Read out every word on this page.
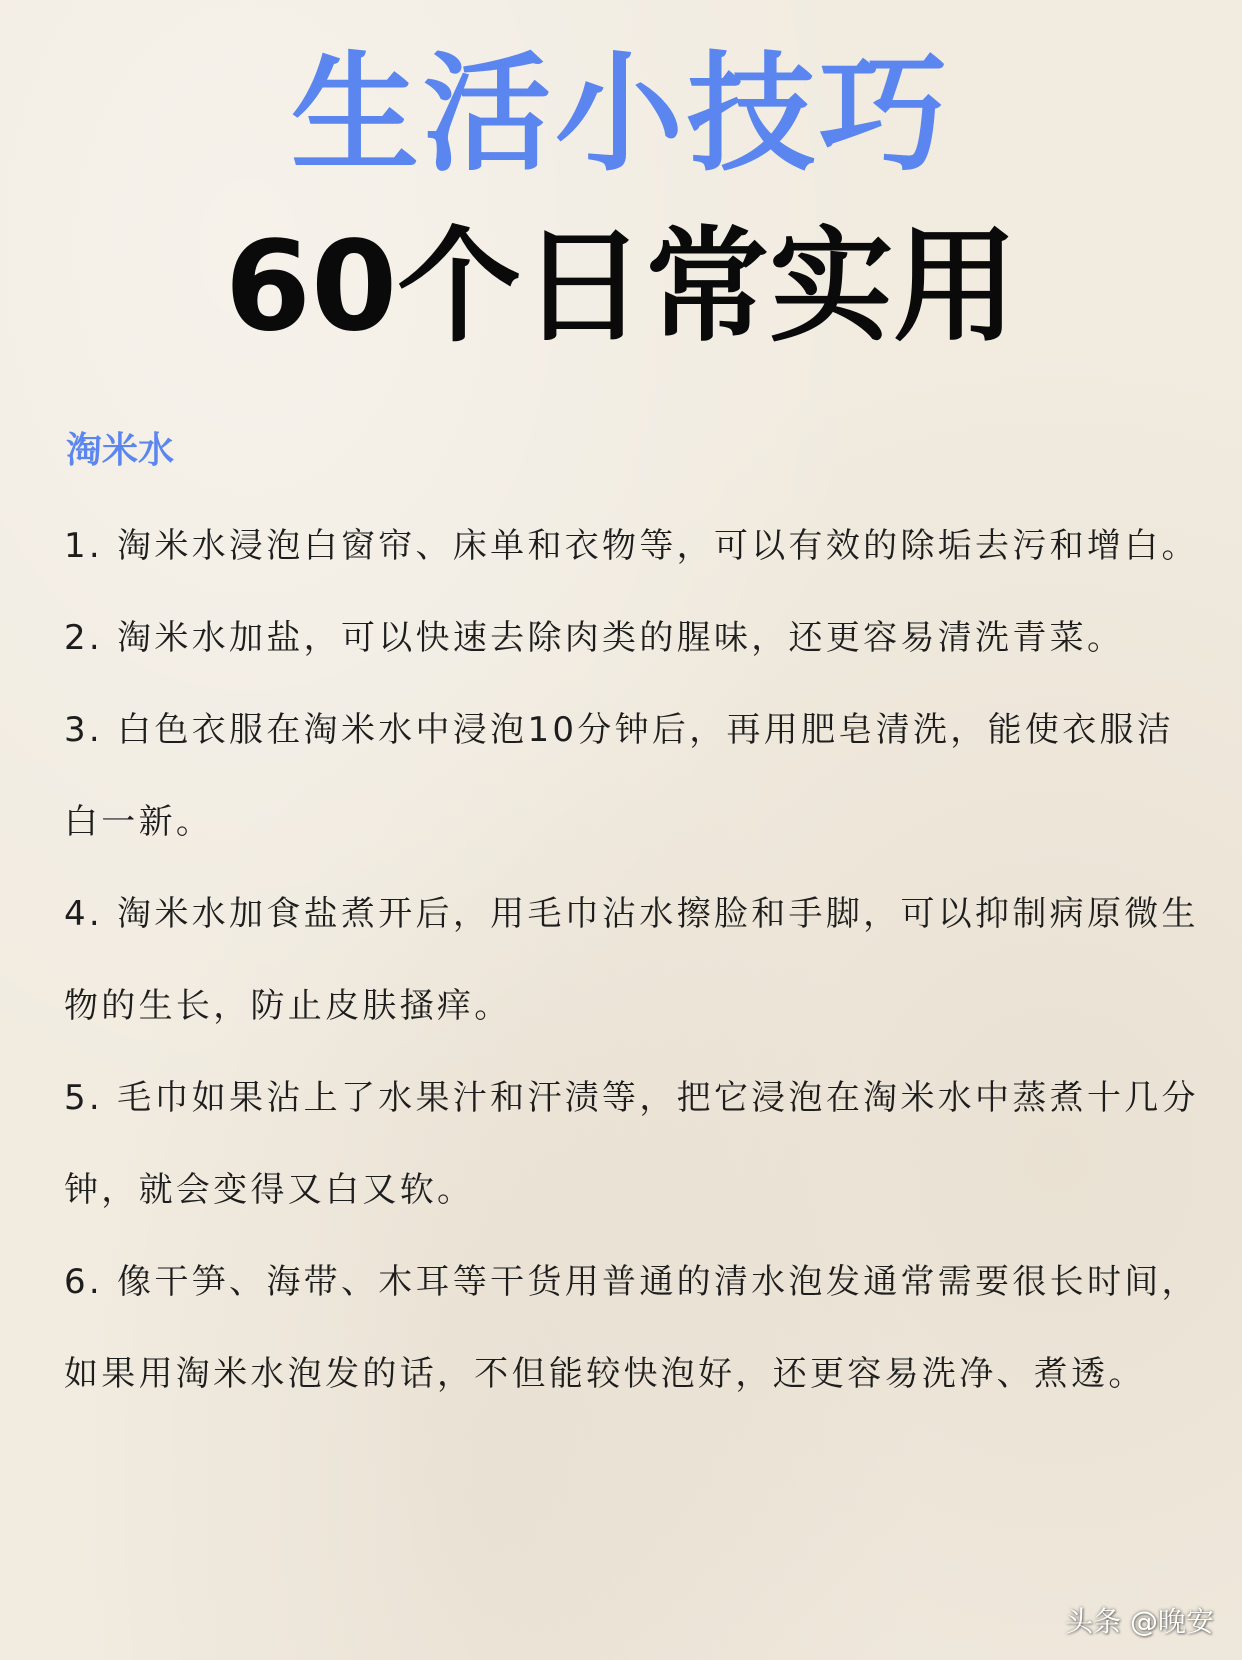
生活小技巧
60个日常实用
淘米水
1. 淘米水浸泡白窗帘、床单和衣物等，可以有效的除垢去污和增白。
2. 淘米水加盐，可以快速去除肉类的腥味，还更容易清洗青菜。
3. 白色衣服在淘米水中浸泡10分钟后，再用肥皂清洗，能使衣服洁白一新。
4. 淘米水加食盐煮开后，用毛巾沾水擦脸和手脚，可以抑制病原微生物的生长，防止皮肤搔痒。
5. 毛巾如果沾上了水果汁和汗渍等，把它浸泡在淘米水中蒸煮十几分钟，就会变得又白又软。
6. 像干笋、海带、木耳等干货用普通的清水泡发通常需要很长时间，如果用淘米水泡发的话，不但能较快泡好，还更容易洗净、煮透。
头条 @晚安
